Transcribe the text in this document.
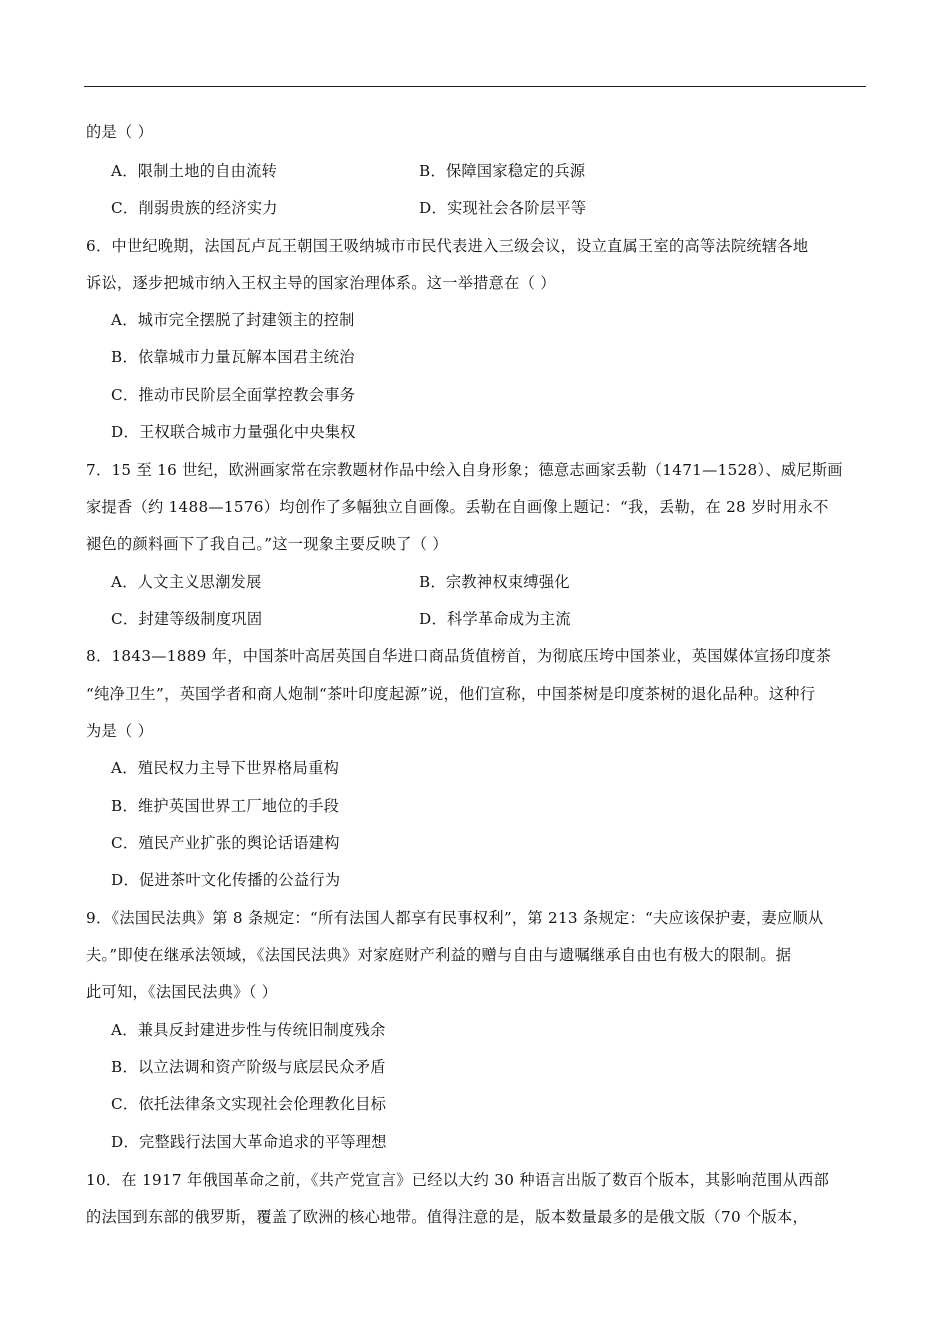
的是（ ）
A．限制土地的自由流转	B．保障国家稳定的兵源
C．削弱贵族的经济实力	D．实现社会各阶层平等
6．中世纪晚期，法国瓦卢瓦王朝国王吸纳城市市民代表进入三级会议，设立直属王室的高等法院统辖各地
诉讼，逐步把城市纳入王权主导的国家治理体系。这一举措意在（ ）
A．城市完全摆脱了封建领主的控制
B．依靠城市力量瓦解本国君主统治
C．推动市民阶层全面掌控教会事务
D．王权联合城市力量强化中央集权
7．15 至 16 世纪，欧洲画家常在宗教题材作品中绘入自身形象；德意志画家丢勒（1471—1528）、威尼斯画
家提香（约 1488—1576）均创作了多幅独立自画像。丢勒在自画像上题记：“我，丢勒，在 28 岁时用永不
褪色的颜料画下了我自己。”这一现象主要反映了（ ）
A．人文主义思潮发展	B．宗教神权束缚强化
C．封建等级制度巩固	D．科学革命成为主流
8．1843—1889 年，中国茶叶高居英国自华进口商品货值榜首，为彻底压垮中国茶业，英国媒体宣扬印度茶
“纯净卫生”，英国学者和商人炮制“茶叶印度起源”说，他们宣称，中国茶树是印度茶树的退化品种。这种行
为是（ ）
A．殖民权力主导下世界格局重构
B．维护英国世界工厂地位的手段
C．殖民产业扩张的舆论话语建构
D．促进茶叶文化传播的公益行为
9．《法国民法典》第 8 条规定：“所有法国人都享有民事权利”，第 213 条规定：“夫应该保护妻，妻应顺从
夫。”即使在继承法领域，《法国民法典》对家庭财产利益的赠与自由与遗嘱继承自由也有极大的限制。据
此可知，《法国民法典》（ ）
A．兼具反封建进步性与传统旧制度残余
B．以立法调和资产阶级与底层民众矛盾
C．依托法律条文实现社会伦理教化目标
D．完整践行法国大革命追求的平等理想
10．在 1917 年俄国革命之前，《共产党宣言》已经以大约 30 种语言出版了数百个版本，其影响范围从西部
的法国到东部的俄罗斯，覆盖了欧洲的核心地带。值得注意的是，版本数量最多的是俄文版（70 个版本，
